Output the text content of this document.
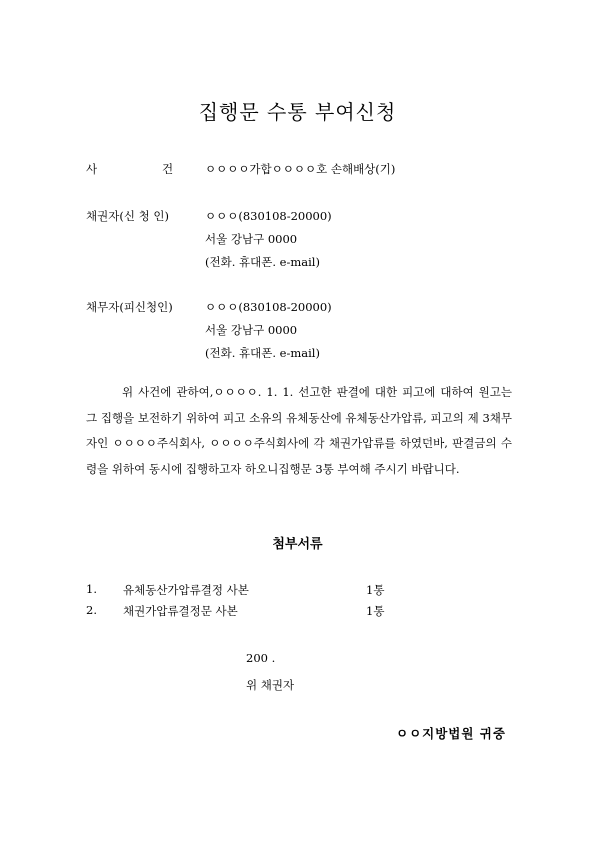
집행문 수통 부여신청
사	건	ㅇㅇㅇㅇ가합ㅇㅇㅇㅇ호 손해배상(기)
채권자(신 청 인)	ㅇㅇㅇ(830108-20000)
서울 강남구 0000
(전화. 휴대폰. e-mail)
채무자(피신청인)	ㅇㅇㅇ(830108-20000)
서울 강남구 0000
(전화. 휴대폰. e-mail)
위 사건에 관하여,ㅇㅇㅇㅇ. 1. 1. 선고한 판결에 대한 피고에 대하여 원고는 그 집행을 보전하기 위하여 피고 소유의 유체동산에 유체동산가압류, 피고의 제 3채무자인 ㅇㅇㅇㅇ주식회사, ㅇㅇㅇㅇ주식회사에 각 채권가압류를 하였던바, 판결금의 수령을 위하여 동시에 집행하고자 하오니집행문 3통 부여해 주시기 바랍니다.
첨부서류
1. 유체동산가압류결정 사본	1통
2. 채권가압류결정문 사본	1통
200 .
위 채권자
ㅇㅇ지방법원 귀중
